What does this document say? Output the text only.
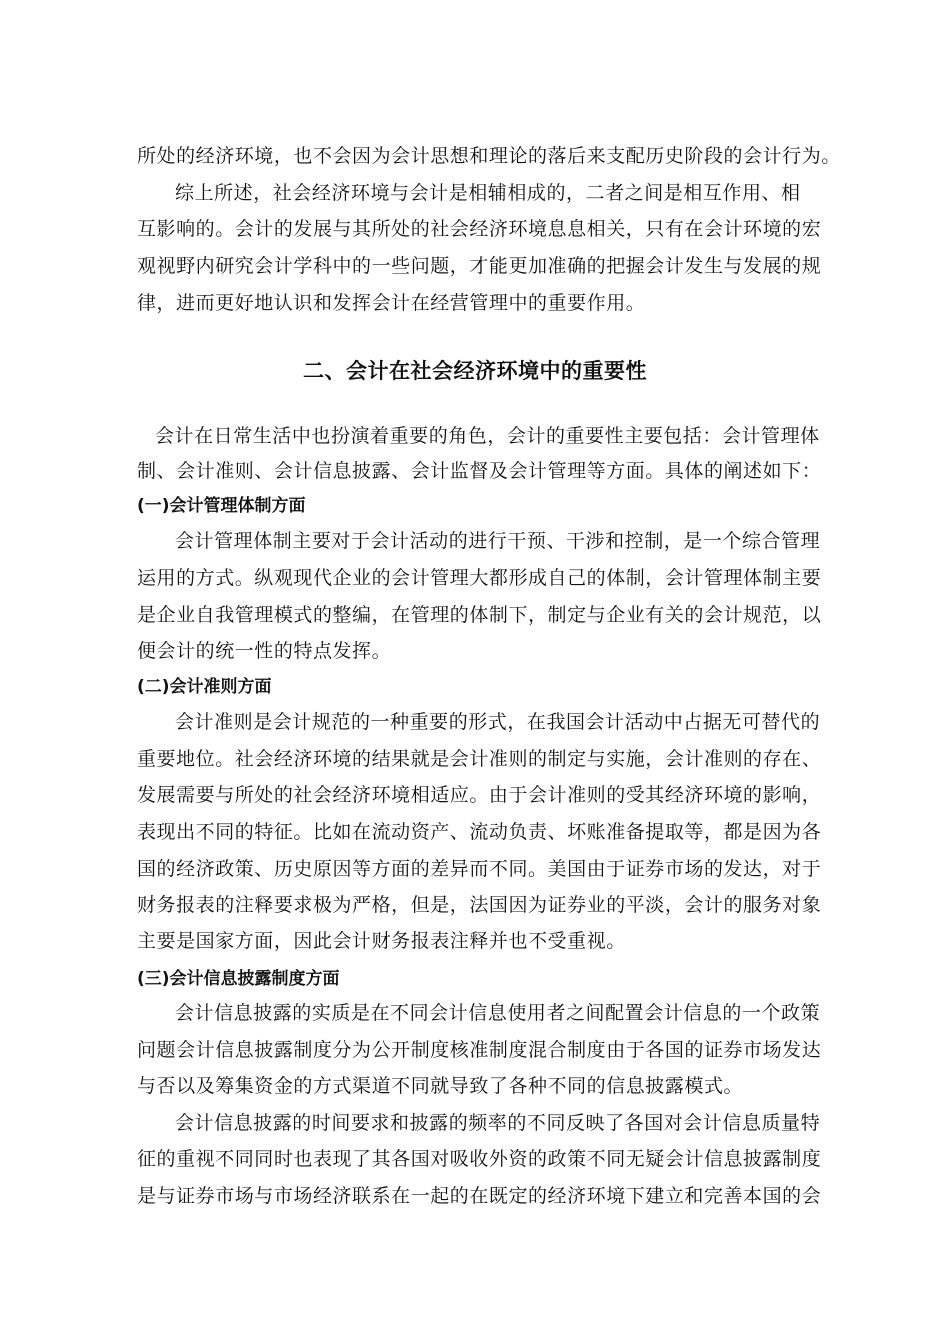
所处的经济环境，也不会因为会计思想和理论的落后来支配历史阶段的会计行为。
综上所述，社会经济环境与会计是相辅相成的，二者之间是相互作用、相
互影响的。会计的发展与其所处的社会经济环境息息相关，只有在会计环境的宏
观视野内研究会计学科中的一些问题，才能更加准确的把握会计发生与发展的规
律，进而更好地认识和发挥会计在经营管理中的重要作用。
二、会计在社会经济环境中的重要性
会计在日常生活中也扮演着重要的角色，会计的重要性主要包括：会计管理体
制、会计准则、会计信息披露、会计监督及会计管理等方面。具体的阐述如下：
(一)会计管理体制方面
会计管理体制主要对于会计活动的进行干预、干涉和控制，是一个综合管理
运用的方式。纵观现代企业的会计管理大都形成自己的体制，会计管理体制主要
是企业自我管理模式的整编，在管理的体制下，制定与企业有关的会计规范，以
便会计的统一性的特点发挥。
(二)会计准则方面
会计准则是会计规范的一种重要的形式，在我国会计活动中占据无可替代的
重要地位。社会经济环境的结果就是会计准则的制定与实施，会计准则的存在、
发展需要与所处的社会经济环境相适应。由于会计准则的受其经济环境的影响，
表现出不同的特征。比如在流动资产、流动负责、坏账准备提取等，都是因为各
国的经济政策、历史原因等方面的差异而不同。美国由于证券市场的发达，对于
财务报表的注释要求极为严格，但是，法国因为证券业的平淡，会计的服务对象
主要是国家方面，因此会计财务报表注释并也不受重视。
(三)会计信息披露制度方面
会计信息披露的实质是在不同会计信息使用者之间配置会计信息的一个政策
问题会计信息披露制度分为公开制度核准制度混合制度由于各国的证券市场发达
与否以及筹集资金的方式渠道不同就导致了各种不同的信息披露模式。
会计信息披露的时间要求和披露的频率的不同反映了各国对会计信息质量特
征的重视不同同时也表现了其各国对吸收外资的政策不同无疑会计信息披露制度
是与证券市场与市场经济联系在一起的在既定的经济环境下建立和完善本国的会
